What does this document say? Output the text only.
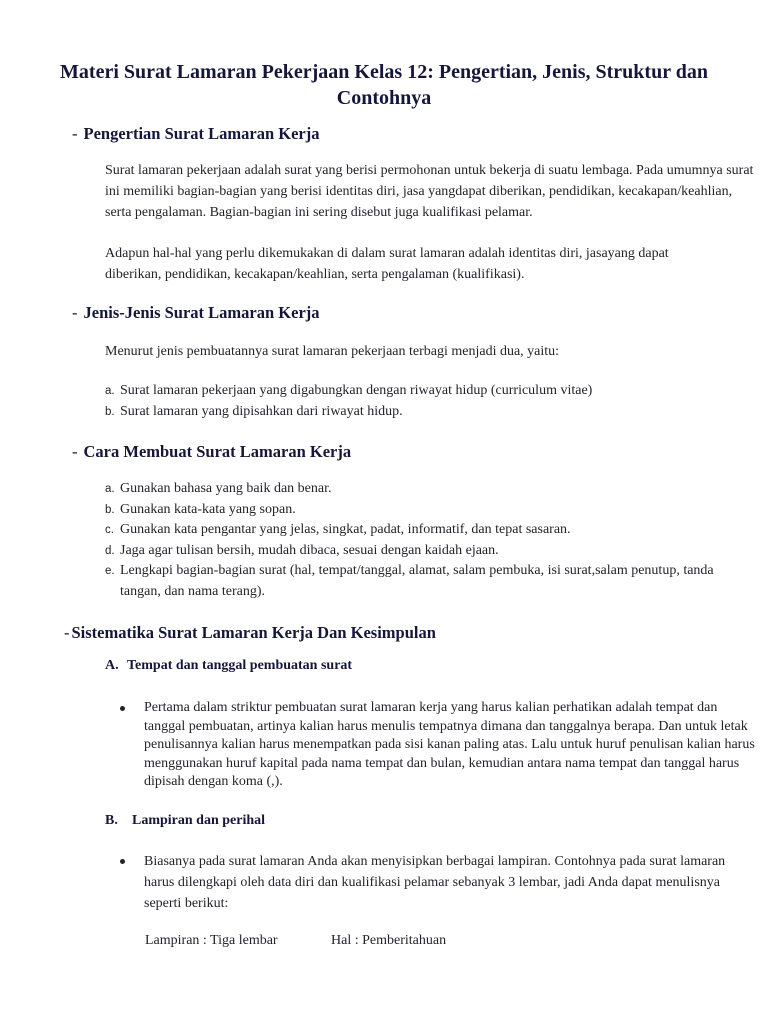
Materi Surat Lamaran Pekerjaan Kelas 12: Pengertian, Jenis, Struktur dan Contohnya
- Pengertian Surat Lamaran Kerja
Surat lamaran pekerjaan adalah surat yang berisi permohonan untuk bekerja di suatu lembaga. Pada umumnya surat ini memiliki bagian-bagian yang berisi identitas diri, jasa yangdapat diberikan, pendidikan, kecakapan/keahlian, serta pengalaman. Bagian-bagian ini sering disebut juga kualifikasi pelamar.
Adapun hal-hal yang perlu dikemukakan di dalam surat lamaran adalah identitas diri, jasayang dapat diberikan, pendidikan, kecakapan/keahlian, serta pengalaman (kualifikasi).
- Jenis-Jenis Surat Lamaran Kerja
Menurut jenis pembuatannya surat lamaran pekerjaan terbagi menjadi dua, yaitu:
a. Surat lamaran pekerjaan yang digabungkan dengan riwayat hidup (curriculum vitae)
b. Surat lamaran yang dipisahkan dari riwayat hidup.
- Cara Membuat Surat Lamaran Kerja
a. Gunakan bahasa yang baik dan benar.
b. Gunakan kata-kata yang sopan.
c. Gunakan kata pengantar yang jelas, singkat, padat, informatif, dan tepat sasaran.
d. Jaga agar tulisan bersih, mudah dibaca, sesuai dengan kaidah ejaan.
e. Lengkapi bagian-bagian surat (hal, tempat/tanggal, alamat, salam pembuka, isi surat,salam penutup, tanda tangan, dan nama terang).
- Sistematika Surat Lamaran Kerja Dan Kesimpulan
A. Tempat dan tanggal pembuatan surat
Pertama dalam striktur pembuatan surat lamaran kerja yang harus kalian perhatikan adalah tempat dan tanggal pembuatan, artinya kalian harus menulis tempatnya dimana dan tanggalnya berapa. Dan untuk letak penulisannya kalian harus menempatkan pada sisi kanan paling atas. Lalu untuk huruf penulisan kalian harus menggunakan huruf kapital pada nama tempat dan bulan, kemudian antara nama tempat dan tanggal harus dipisah dengan koma (,).
B. Lampiran dan perihal
Biasanya pada surat lamaran Anda akan menyisipkan berbagai lampiran. Contohnya pada surat lamaran harus dilengkapi oleh data diri dan kualifikasi pelamar sebanyak 3 lembar, jadi Anda dapat menulisnya seperti berikut:
Lampiran : Tiga lembar	Hal : Pemberitahuan
